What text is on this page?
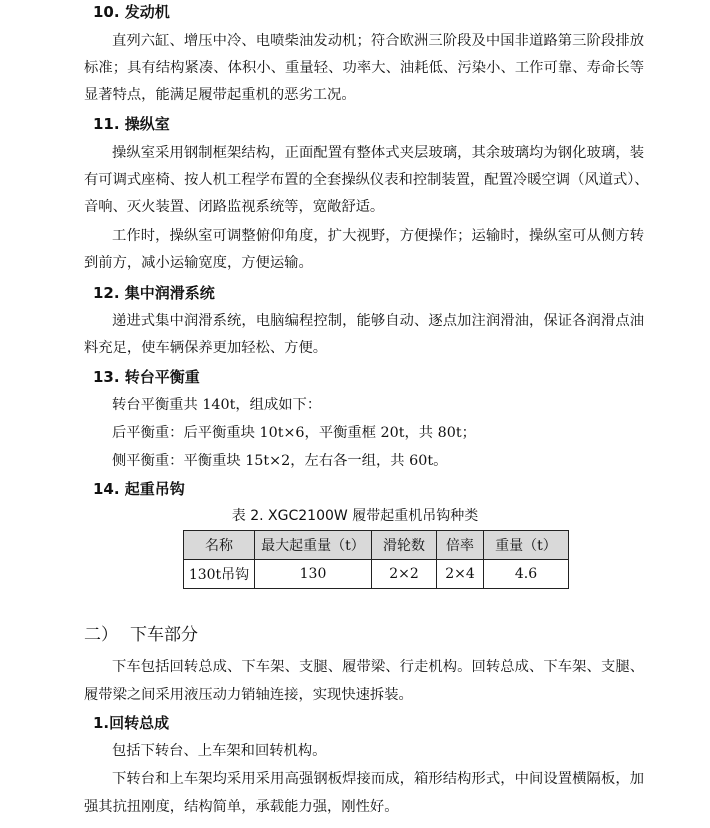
10. 发动机
直列六缸、增压中冷、电喷柴油发动机；符合欧洲三阶段及中国非道路第三阶段排放
标准；具有结构紧凑、体积小、重量轻、功率大、油耗低、污染小、工作可靠、寿命长等
显著特点，能满足履带起重机的恶劣工况。
11. 操纵室
操纵室采用钢制框架结构，正面配置有整体式夹层玻璃，其余玻璃均为钢化玻璃，装
有可调式座椅、按人机工程学布置的全套操纵仪表和控制装置，配置冷暖空调（风道式）、
音响、灭火装置、闭路监视系统等，宽敞舒适。
工作时，操纵室可调整俯仰角度，扩大视野，方便操作；运输时，操纵室可从侧方转
到前方，减小运输宽度，方便运输。
12. 集中润滑系统
递进式集中润滑系统，电脑编程控制，能够自动、逐点加注润滑油，保证各润滑点油
料充足，使车辆保养更加轻松、方便。
13. 转台平衡重
转台平衡重共 140t，组成如下：
后平衡重：后平衡重块 10t×6，平衡重框 20t，共 80t；
侧平衡重：平衡重块 15t×2，左右各一组，共 60t。
14. 起重吊钩
表 2. XGC2100W 履带起重机吊钩种类
名称	最大起重量（t）	滑轮数	倍率	重量（t）
130t吊钩	130	2×2	2×4	4.6
二） 下车部分
下车包括回转总成、下车架、支腿、履带梁、行走机构。回转总成、下车架、支腿、
履带梁之间采用液压动力销轴连接，实现快速拆装。
1.回转总成
包括下转台、上车架和回转机构。
下转台和上车架均采用采用高强钢板焊接而成，箱形结构形式，中间设置横隔板，加
强其抗扭刚度，结构简单，承载能力强，刚性好。
